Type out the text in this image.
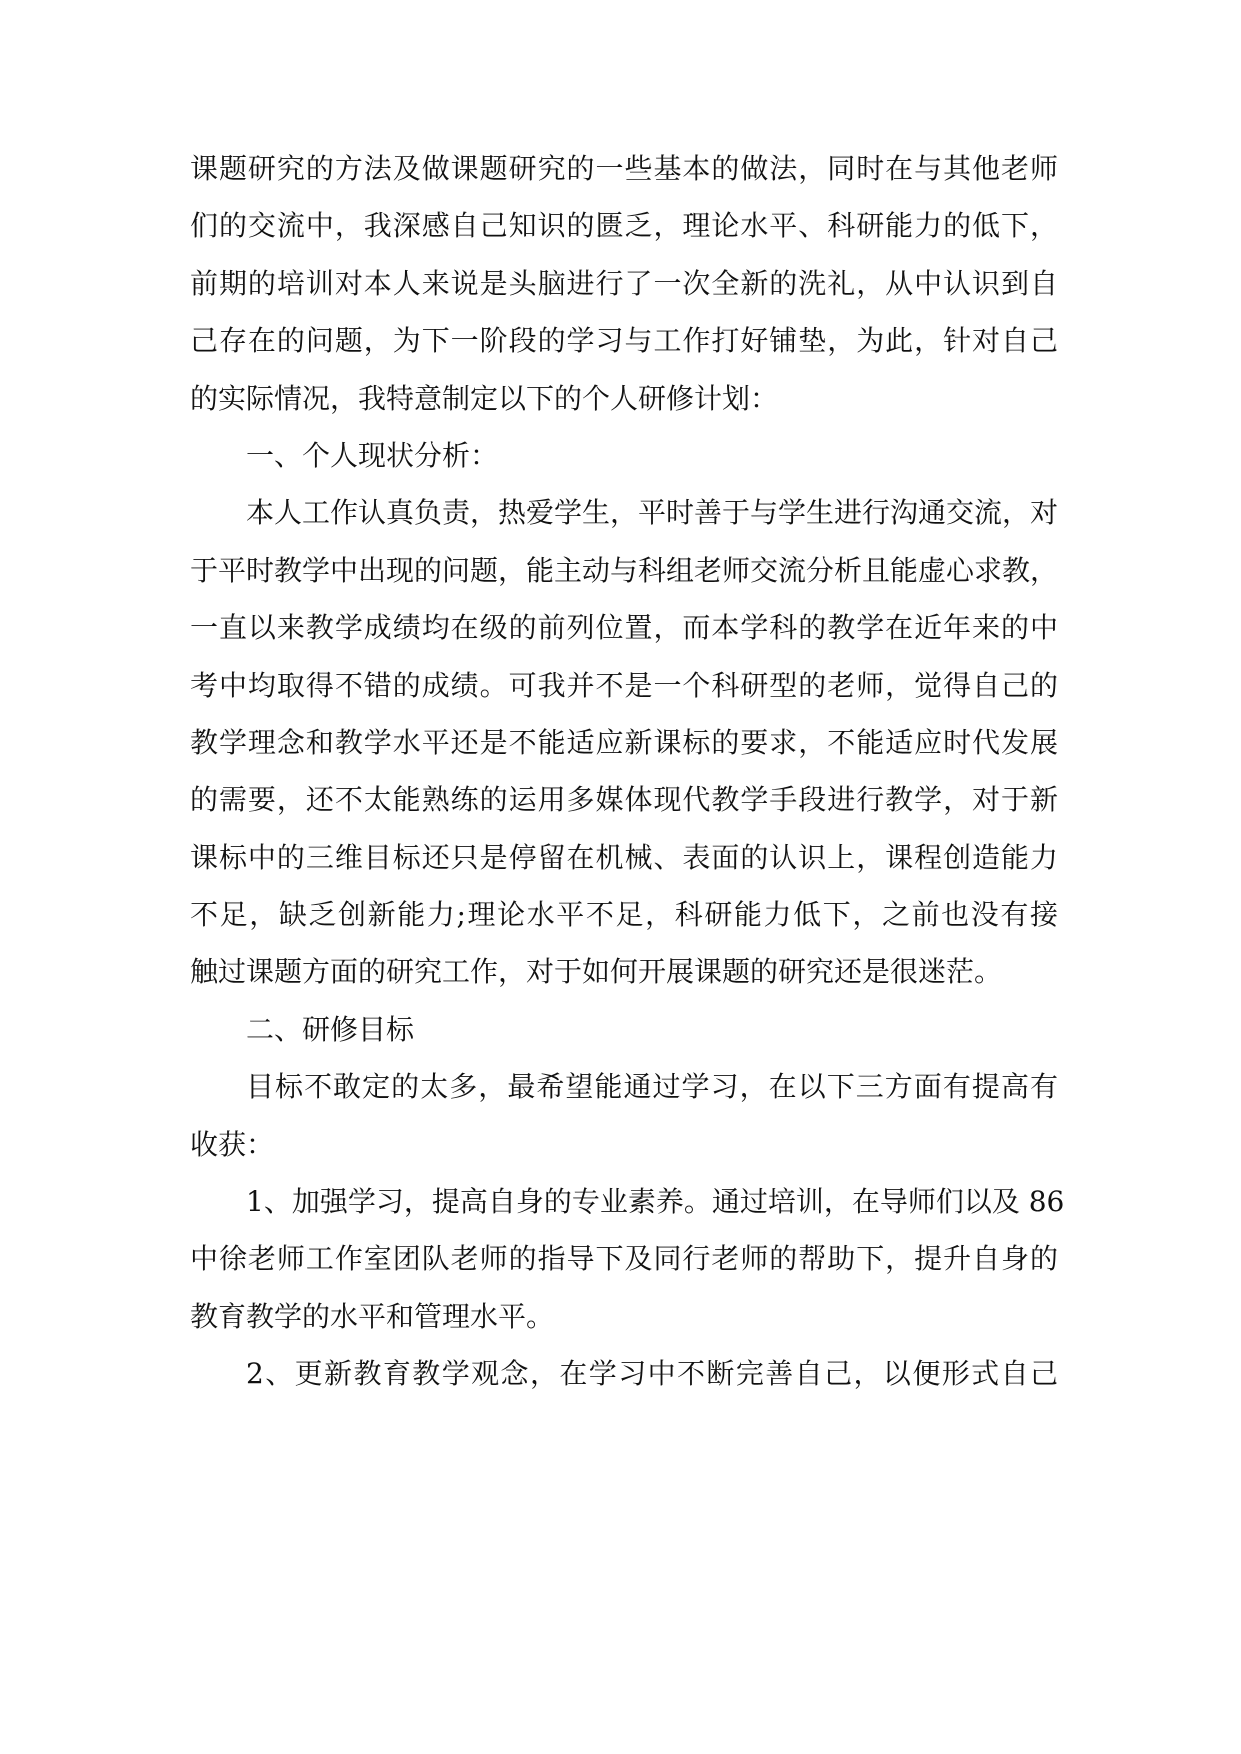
课题研究的方法及做课题研究的一些基本的做法，同时在与其他老师
们的交流中，我深感自己知识的匮乏，理论水平、科研能力的低下，
前期的培训对本人来说是头脑进行了一次全新的洗礼，从中认识到自
己存在的问题，为下一阶段的学习与工作打好铺垫，为此，针对自己
的实际情况，我特意制定以下的个人研修计划：
一、个人现状分析：
本人工作认真负责，热爱学生，平时善于与学生进行沟通交流，对
于平时教学中出现的问题，能主动与科组老师交流分析且能虚心求教，
一直以来教学成绩均在级的前列位置，而本学科的教学在近年来的中
考中均取得不错的成绩。可我并不是一个科研型的老师，觉得自己的
教学理念和教学水平还是不能适应新课标的要求，不能适应时代发展
的需要，还不太能熟练的运用多媒体现代教学手段进行教学，对于新
课标中的三维目标还只是停留在机械、表面的认识上，课程创造能力
不足，缺乏创新能力;理论水平不足，科研能力低下，之前也没有接
触过课题方面的研究工作，对于如何开展课题的研究还是很迷茫。
二、研修目标
目标不敢定的太多，最希望能通过学习，在以下三方面有提高有
收获：
1、加强学习，提高自身的专业素养。通过培训，在导师们以及 86
中徐老师工作室团队老师的指导下及同行老师的帮助下，提升自身的
教育教学的水平和管理水平。
2、更新教育教学观念，在学习中不断完善自己，以便形式自己
